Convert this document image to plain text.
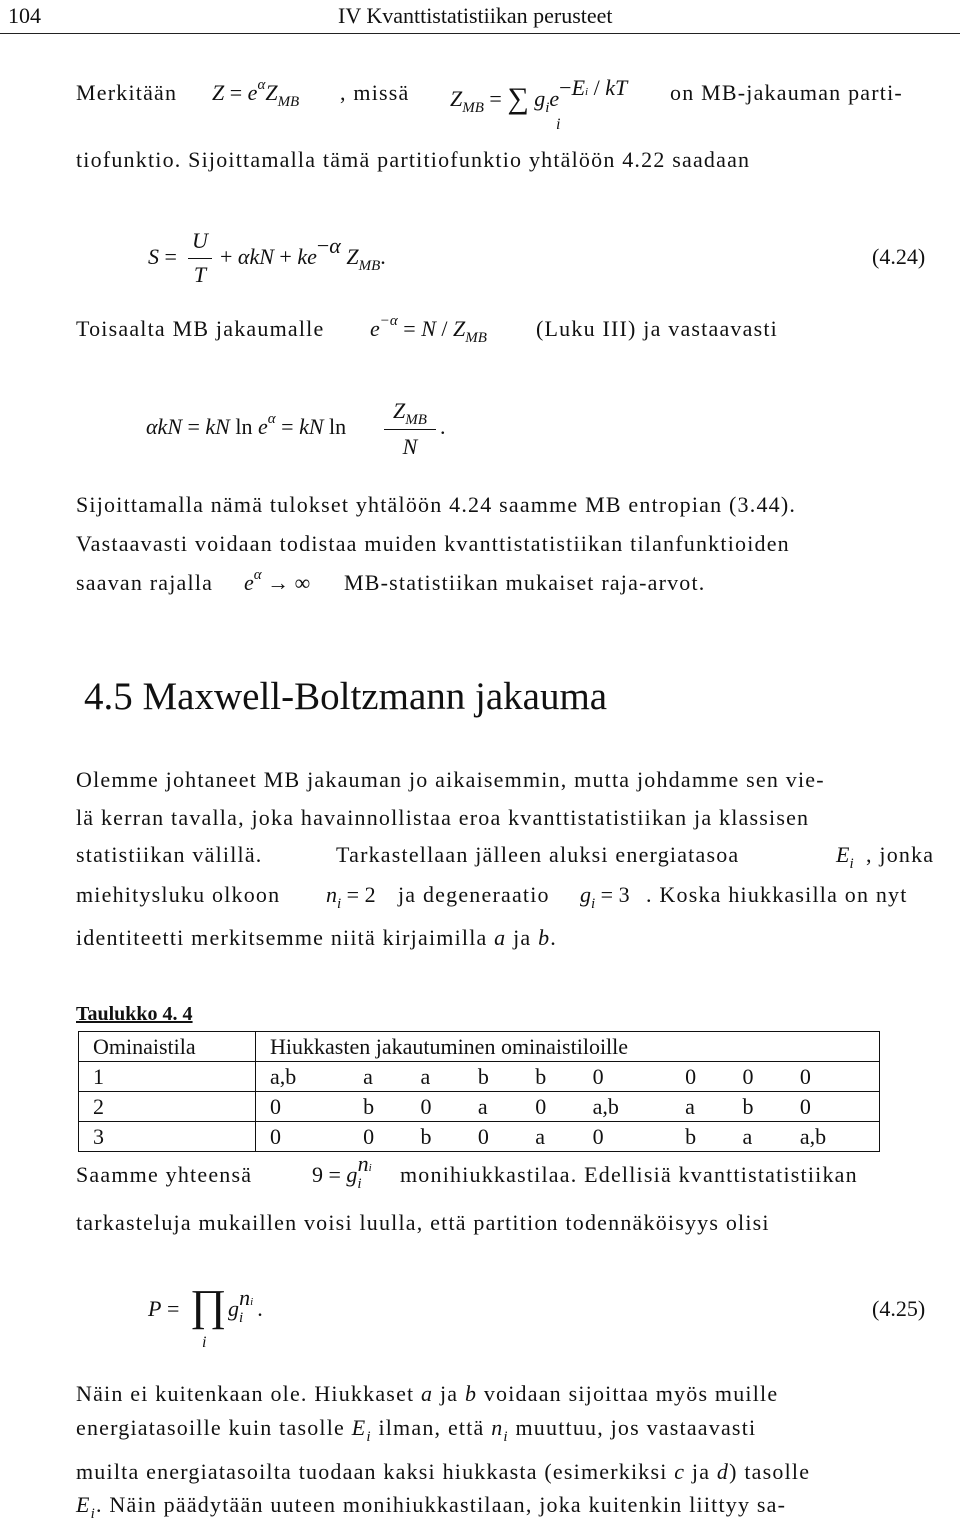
104	IV Kvanttistatistiikan perusteet
Merkitään Z = eαZMB , missä ZMB = ∑ gie−Ei / kT
i
on MB-jakauman parti-
tiofunktio. Sijoittamalla tämä partitiofunktio yhtälöön 4.22 saadaan
S =
U
T
+ αkN + ke−α ZMB.	(4.24)
Toisaalta MB jakaumalle e−α = N / ZMB (Luku III) ja vastaavasti
αkN = kN ln eα = kN ln
ZMB
N
.
Sijoittamalla nämä tulokset yhtälöön 4.24 saamme MB entropian (3.44).
Vastaavasti voidaan todistaa muiden kvanttistatistiikan tilanfunktioiden
saavan rajalla eα → ∞ MB-statistiikan mukaiset raja-arvot.
4.5 Maxwell-Boltzmann jakauma
Olemme johtaneet MB jakauman jo aikaisemmin, mutta johdamme sen vie-
lä kerran tavalla, joka havainnollistaa eroa kvanttistatistiikan ja klassisen
statistiikan välillä.	Tarkastellaan jälleen aluksi energiatasoa	Ei , jonka
miehitysluku olkoon ni = 2 ja degeneraatio gi = 3 . Koska hiukkasilla on nyt
identiteetti merkitsemme niitä kirjaimilla a ja b.
Taulukko 4. 4
Ominaistila	Hiukkasten jakautuminen ominaistiloille								
1	a,b	a	a	b	b	0	0	0	0
2	0	b	0	a	0	a,b	a	b	0
3	0	0	b	0	a	0	b	a	a,b
Saamme yhteensä	9 = gini monihiukkastilaa. Edellisiä kvanttistatistiikan
tarkasteluja mukaillen voisi luulla, että partition todennäköisyys olisi
P = ∏
i
gini .	(4.25)
Näin ei kuitenkaan ole. Hiukkaset a ja b voidaan sijoittaa myös muille
energiatasoille kuin tasolle $E_i$ ilman, että $n_i$ muuttuu, jos vastaavasti
muilta energiatasoilta tuodaan kaksi hiukkasta (esimerkiksi c ja d) tasolle
$E_i$. Näin päädytään uuteen monihiukkastilaan, joka kuitenkin liittyy sa-
